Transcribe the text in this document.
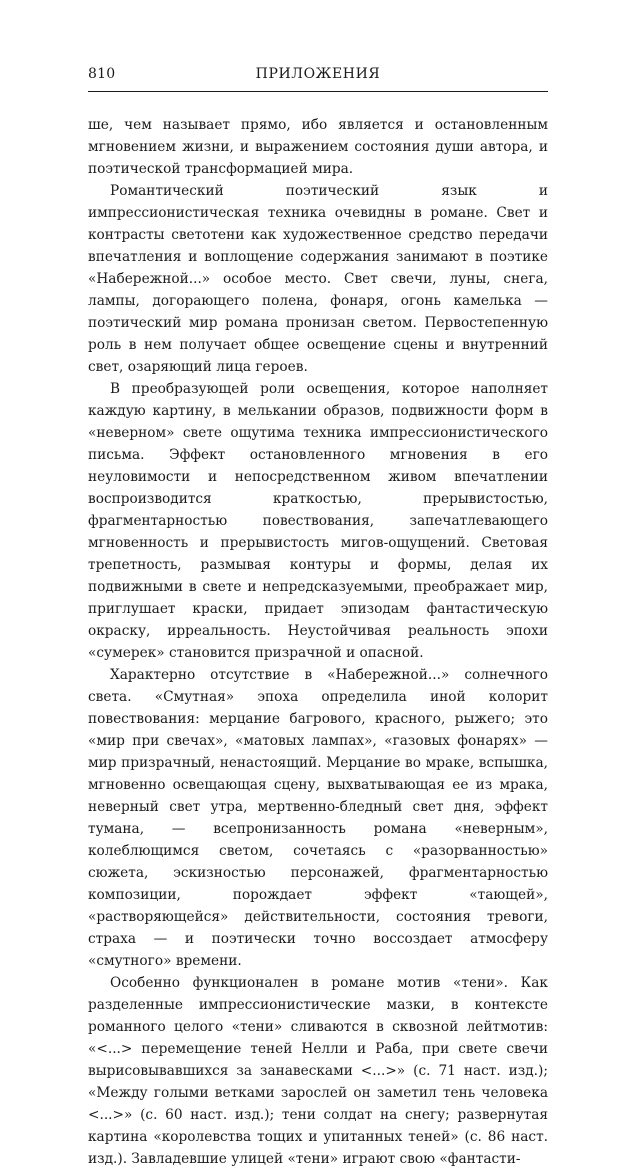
810	ПРИЛОЖЕНИЯ

ше, чем называет прямо, ибо является и остановленным мгновением жизни, и выражением состояния души автора, и поэтической трансформацией мира.

Романтический поэтический язык и импрессионистическая техника очевидны в романе. Свет и контрасты светотени как художественное средство передачи впечатления и воплощение содержания занимают в поэтике «Набережной...» особое место. Свет свечи, луны, снега, лампы, догорающего полена, фонаря, огонь камелька — поэтический мир романа пронизан светом. Первостепенную роль в нем получает общее освещение сцены и внутренний свет, озаряющий лица героев.

В преобразующей роли освещения, которое наполняет каждую картину, в мелькании образов, подвижности форм в «неверном» свете ощутима техника импрессионистического письма. Эффект остановленного мгновения в его неуловимости и непосредственном живом впечатлении воспроизводится краткостью, прерывистостью, фрагментарностью повествования, запечатлевающего мгновенность и прерывистость мигов-ощущений. Световая трепетность, размывая контуры и формы, делая их подвижными в свете и непредсказуемыми, преображает мир, приглушает краски, придает эпизодам фантастическую окраску, ирреальность. Неустойчивая реальность эпохи «сумерек» становится призрачной и опасной.

Характерно отсутствие в «Набережной...» солнечного света. «Смутная» эпоха определила иной колорит повествования: мерцание багрового, красного, рыжего; это «мир при свечах», «матовых лампах», «газовых фонарях» — мир призрачный, ненастоящий. Мерцание во мраке, вспышка, мгновенно освещающая сцену, выхватывающая ее из мрака, неверный свет утра, мертвенно-бледный свет дня, эффект тумана, — всепронизанность романа «неверным», колеблющимся светом, сочетаясь с «разорванностью» сюжета, эскизностью персонажей, фрагментарностью композиции, порождает эффект «тающей», «растворяющейся» действительности, состояния тревоги, страха — и поэтически точно воссоздает атмосферу «смутного» времени.

Особенно функционален в романе мотив «тени». Как разделенные импрессионистические мазки, в контексте романного целого «тени» сливаются в сквозной лейтмотив: «<...> перемещение теней Нелли и Раба, при свете свечи вырисовывавшихся за занавесками <...>» (с. 71 наст. изд.); «Между голыми ветками зарослей он заметил тень человека <...>» (с. 60 наст. изд.); тени солдат на снегу; развернутая картина «королевства тощих и упитанных теней» (с. 86 наст. изд.). Завладевшие улицей «тени» играют свою «фантасти-
